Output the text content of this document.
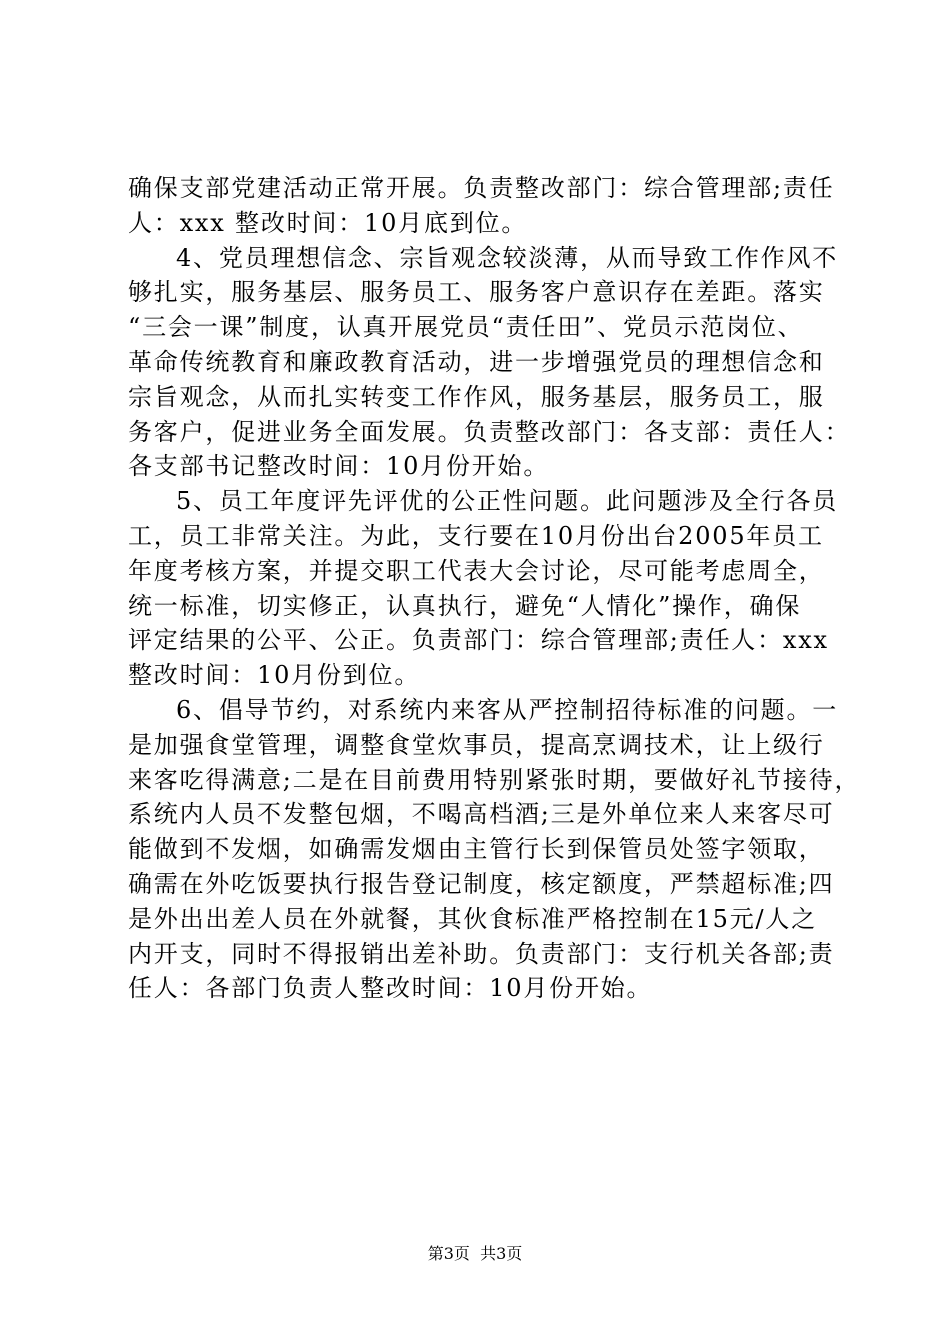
确保支部党建活动正常开展。负责整改部门：综合管理部;责任
人：xxx 整改时间：10月底到位。

4、党员理想信念、宗旨观念较淡薄，从而导致工作作风不
够扎实，服务基层、服务员工、服务客户意识存在差距。落实
“三会一课”制度，认真开展党员“责任田”、党员示范岗位、
革命传统教育和廉政教育活动，进一步增强党员的理想信念和
宗旨观念，从而扎实转变工作作风，服务基层，服务员工，服
务客户，促进业务全面发展。负责整改部门：各支部：责任人：
各支部书记整改时间：10月份开始。

5、员工年度评先评优的公正性问题。此问题涉及全行各员
工，员工非常关注。为此，支行要在10月份出台2005年员工
年度考核方案，并提交职工代表大会讨论，尽可能考虑周全，
统一标准，切实修正，认真执行，避免“人情化”操作，确保
评定结果的公平、公正。负责部门：综合管理部;责任人：xxx
整改时间：10月份到位。

6、倡导节约，对系统内来客从严控制招待标准的问题。一
是加强食堂管理，调整食堂炊事员，提高烹调技术，让上级行
来客吃得满意;二是在目前费用特别紧张时期，要做好礼节接待，
系统内人员不发整包烟，不喝高档酒;三是外单位来人来客尽可
能做到不发烟，如确需发烟由主管行长到保管员处签字领取，
确需在外吃饭要执行报告登记制度，核定额度，严禁超标准;四
是外出出差人员在外就餐，其伙食标准严格控制在15元/人之
内开支，同时不得报销出差补助。负责部门：支行机关各部;责
任人：各部门负责人整改时间：10月份开始。

第3页  共3页
